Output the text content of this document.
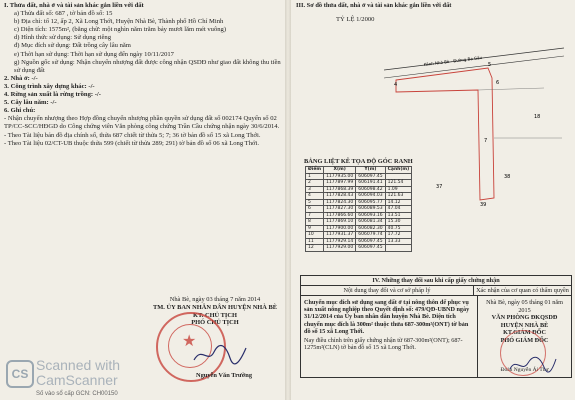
I. Thửa đất, nhà ở và tài sản khác gắn liền với đất
a) Thửa đất số: 687 , tờ bản đồ số: 15
b) Địa chỉ: tổ 12, ấp 2, Xã Long Thới, Huyện Nhà Bè, Thành phố Hồ Chí Minh
c) Diện tích: 1575m², (bằng chữ: một nghìn năm trăm bảy mươi lăm mét vuông)
d) Hình thức sử dụng: Sử dụng riêng
đ) Mục đích sử dụng: Đất trồng cây lâu năm
e) Thời hạn sử dụng: Thời hạn sử dụng đến ngày 10/11/2017
g) Nguồn gốc sử dụng: Nhận chuyển nhượng đất được công nhận QSDĐ như giao đất không thu tiền sử dụng đất
2. Nhà ở: -/-
3. Công trình xây dựng khác: -/-
4. Rừng sản xuất là rừng trồng: -/-
5. Cây lâu năm: -/-
6. Ghi chú:
- Nhận chuyển nhượng theo Hợp đồng chuyển nhượng phần quyền sử dụng đất số 002174 Quyển số 02 TP/CC-SCC/HĐGD do Công chứng viên Văn phòng công chứng Trần Cầu chứng nhận ngày 30/6/2014.
- Theo Tài liệu bản đồ địa chính số, thửa 687 chiết từ thửa 5; 7; 36 tờ bản đồ số 15 xã Long Thới.
- Theo Tài liệu 02/CT-UB thuộc thửa 599 (chiết từ thửa 289; 291) tờ bản đồ số 06 xã Long Thới.
Nhà Bè, ngày 03 tháng 7 năm 2014
TM. ỦY BAN NHÂN DÂN HUYỆN NHÀ BÈ
KT. CHỦ TỊCH
PHÓ CHỦ TỊCH
★
Nguyễn Văn Trường
CS
Scanned with
CamScanner
Số vào sổ cấp GCN: CH00150
III. Sơ đồ thửa đất, nhà ở và tài sản khác gắn liền với đất
TỶ LỆ 1/2000
Kênh Nhà Bè - Đường Ba Gấu
4
5
6
7
37
38
39
18
BẢNG LIỆT KÊ TỌA ĐỘ GÓC RANH
Điểm	X(m)	Y(m)	Cạnh(m)
1	1177935.00	606097.45	
2	1177897.99	606191.41	121.54
3	1177868.39	606098.42	1.09
4	1177828.43	606094.03	121.63
5	1177824.30	606095.77	14.12
6	1177827.30	606089.53	47.04
7	1177866.60	606093.16	13.51
8	1177869.10	606081.34	15.30
9	1177900.00	606082.30	40.75
10	1177931.37	606079.74	17.72
11	1177929.14	606097.45	13.33
12	1177929.00	606097.45	
IV. Những thay đổi sau khi cấp giấy chứng nhận
Nội dung thay đổi và cơ sở pháp lý	Xác nhận của cơ quan có thẩm quyền
Chuyển mục đích sử dụng sang đất ở tại nông thôn để phục vụ sản xuất nông nghiệp theo Quyết định số: 479/QĐ-UBND ngày 31/12/2014 của Ủy ban nhân dân huyện Nhà Bè. Diện tích chuyển mục đích là 300m² thuộc thửa 687-300m²(ONT) tờ bản đồ số 15 xã Long Thới.
Nay điều chỉnh trên giấy chứng nhận từ 687-300m²(ONT); 687-1275m²(CLN) tờ bản đồ số 15 xã Long Thới.
Nhà Bè, ngày 05 tháng 01 năm 2015
VĂN PHÒNG ĐKQSDĐ
HUYỆN NHÀ BÈ
KT.GIÁM ĐỐC
PHÓ GIÁM ĐỐC
Đoàn Nguyễn Ái Thư
